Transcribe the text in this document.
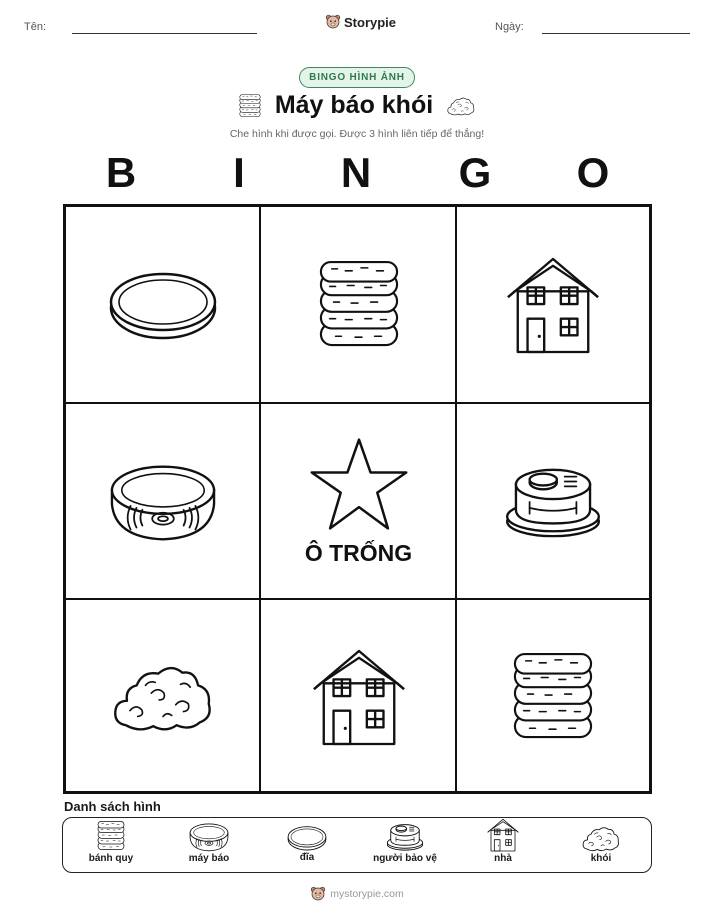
Tên:	Storypie	Ngày:
BINGO HÌNH ẢNH
Máy báo khói
Che hình khi được gọi. Được 3 hình liên tiếp để thắng!
B	I	N	G	O
Ô TRỐNG
Danh sách hình
bánh quy	máy báo	đĩa	người bảo vệ	nhà	khói
mystorypie.com
